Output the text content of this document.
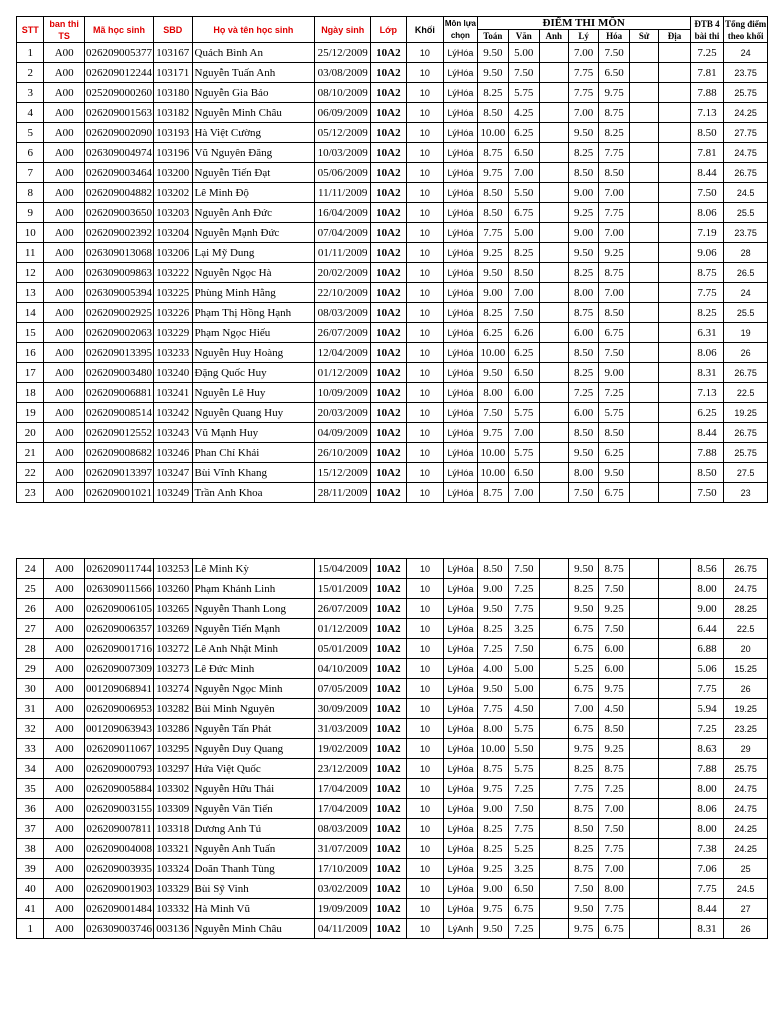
STT	ban thi TS	Mã học sinh	SBD	Họ và tên học sinh	Ngày sinh	Lớp	Khối	Môn lựa chọn	ĐIỂM THI MÔN							ĐTB 4 bài thi	Tổng điểm theo khối
									Toán	Văn	Anh	Lý	Hóa	Sử	Địa		
1	A00	026209005377	103167	Quách Bình An	25/12/2009	10A2	10	LýHóa	9.50	5.00		7.00	7.50			7.25	24
2	A00	026209012244	103171	Nguyễn Tuấn Anh	03/08/2009	10A2	10	LýHóa	9.50	7.50		7.75	6.50			7.81	23.75
3	A00	025209000260	103180	Nguyễn Gia Bảo	08/10/2009	10A2	10	LýHóa	8.25	5.75		7.75	9.75			7.88	25.75
4	A00	026209001563	103182	Nguyễn Minh Châu	06/09/2009	10A2	10	LýHóa	8.50	4.25		7.00	8.75			7.13	24.25
5	A00	026209002090	103193	Hà Việt Cường	05/12/2009	10A2	10	LýHóa	10.00	6.25		9.50	8.25			8.50	27.75
6	A00	026309004974	103196	Vũ Nguyên Đăng	10/03/2009	10A2	10	LýHóa	8.75	6.50		8.25	7.75			7.81	24.75
7	A00	026209003464	103200	Nguyễn Tiến Đạt	05/06/2009	10A2	10	LýHóa	9.75	7.00		8.50	8.50			8.44	26.75
8	A00	026209004882	103202	Lê Minh Độ	11/11/2009	10A2	10	LýHóa	8.50	5.50		9.00	7.00			7.50	24.5
9	A00	026209003650	103203	Nguyễn Anh Đức	16/04/2009	10A2	10	LýHóa	8.50	6.75		9.25	7.75			8.06	25.5
10	A00	026209002392	103204	Nguyễn Mạnh Đức	07/04/2009	10A2	10	LýHóa	7.75	5.00		9.00	7.00			7.19	23.75
11	A00	026309013068	103206	Lại Mỹ Dung	01/11/2009	10A2	10	LýHóa	9.25	8.25		9.50	9.25			9.06	28
12	A00	026309009863	103222	Nguyễn Ngọc Hà	20/02/2009	10A2	10	LýHóa	9.50	8.50		8.25	8.75			8.75	26.5
13	A00	026309005394	103225	Phùng Minh Hằng	22/10/2009	10A2	10	LýHóa	9.00	7.00		8.00	7.00			7.75	24
14	A00	026209002925	103226	Phạm Thị Hồng Hạnh	08/03/2009	10A2	10	LýHóa	8.25	7.50		8.75	8.50			8.25	25.5
15	A00	026209002063	103229	Phạm Ngọc Hiếu	26/07/2009	10A2	10	LýHóa	6.25	6.26		6.00	6.75			6.31	19
16	A00	026209013395	103233	Nguyễn Huy Hoàng	12/04/2009	10A2	10	LýHóa	10.00	6.25		8.50	7.50			8.06	26
17	A00	026209003480	103240	Đặng Quốc Huy	01/12/2009	10A2	10	LýHóa	9.50	6.50		8.25	9.00			8.31	26.75
18	A00	026209006881	103241	Nguyễn Lê Huy	10/09/2009	10A2	10	LýHóa	8.00	6.00		7.25	7.25			7.13	22.5
19	A00	026209008514	103242	Nguyễn Quang Huy	20/03/2009	10A2	10	LýHóa	7.50	5.75		6.00	5.75			6.25	19.25
20	A00	026209012552	103243	Vũ Mạnh Huy	04/09/2009	10A2	10	LýHóa	9.75	7.00		8.50	8.50			8.44	26.75
21	A00	026209008682	103246	Phan Chí Khải	26/10/2009	10A2	10	LýHóa	10.00	5.75		9.50	6.25			7.88	25.75
22	A00	026209013397	103247	Bùi Vĩnh Khang	15/12/2009	10A2	10	LýHóa	10.00	6.50		8.00	9.50			8.50	27.5
23	A00	026209001021	103249	Trần Anh Khoa	28/11/2009	10A2	10	LýHóa	8.75	7.00		7.50	6.75			7.50	23
24	A00	026209011744	103253	Lê Minh Kỳ	15/04/2009	10A2	10	LýHóa	8.50	7.50		9.50	8.75			8.56	26.75
25	A00	026309011566	103260	Phạm Khánh Linh	15/01/2009	10A2	10	LýHóa	9.00	7.25		8.25	7.50			8.00	24.75
26	A00	026209006105	103265	Nguyễn Thanh Long	26/07/2009	10A2	10	LýHóa	9.50	7.75		9.50	9.25			9.00	28.25
27	A00	026209006357	103269	Nguyễn Tiến Mạnh	01/12/2009	10A2	10	LýHóa	8.25	3.25		6.75	7.50			6.44	22.5
28	A00	026209001716	103272	Lê Anh Nhật Minh	05/01/2009	10A2	10	LýHóa	7.25	7.50		6.75	6.00			6.88	20
29	A00	026209007309	103273	Lê Đức Minh	04/10/2009	10A2	10	LýHóa	4.00	5.00		5.25	6.00			5.06	15.25
30	A00	001209068941	103274	Nguyễn Ngọc Minh	07/05/2009	10A2	10	LýHóa	9.50	5.00		6.75	9.75			7.75	26
31	A00	026209006953	103282	Bùi Minh Nguyên	30/09/2009	10A2	10	LýHóa	7.75	4.50		7.00	4.50			5.94	19.25
32	A00	001209063943	103286	Nguyễn Tấn Phát	31/03/2009	10A2	10	LýHóa	8.00	5.75		6.75	8.50			7.25	23.25
33	A00	026209011067	103295	Nguyễn Duy Quang	19/02/2009	10A2	10	LýHóa	10.00	5.50		9.75	9.25			8.63	29
34	A00	026209000793	103297	Hứa Việt Quốc	23/12/2009	10A2	10	LýHóa	8.75	5.75		8.25	8.75			7.88	25.75
35	A00	026209005884	103302	Nguyễn Hữu Thái	17/04/2009	10A2	10	LýHóa	9.75	7.25		7.75	7.25			8.00	24.75
36	A00	026209003155	103309	Nguyễn Văn Tiến	17/04/2009	10A2	10	LýHóa	9.00	7.50		8.75	7.00			8.06	24.75
37	A00	026209007811	103318	Dương Anh Tú	08/03/2009	10A2	10	LýHóa	8.25	7.75		8.50	7.50			8.00	24.25
38	A00	026209004008	103321	Nguyễn Anh Tuấn	31/07/2009	10A2	10	LýHóa	8.25	5.25		8.25	7.75			7.38	24.25
39	A00	026209003935	103324	Doãn Thanh Tùng	17/10/2009	10A2	10	LýHóa	9.25	3.25		8.75	7.00			7.06	25
40	A00	026209001903	103329	Bùi Sỹ Vinh	03/02/2009	10A2	10	LýHóa	9.00	6.50		7.50	8.00			7.75	24.5
41	A00	026209001484	103332	Hà Minh Vũ	19/09/2009	10A2	10	LýHóa	9.75	6.75		9.50	7.75			8.44	27
1	A00	026309003746	003136	Nguyễn Minh Châu	04/11/2009	10A2	10	LýAnh	9.50	7.25		9.75	6.75			8.31	26
